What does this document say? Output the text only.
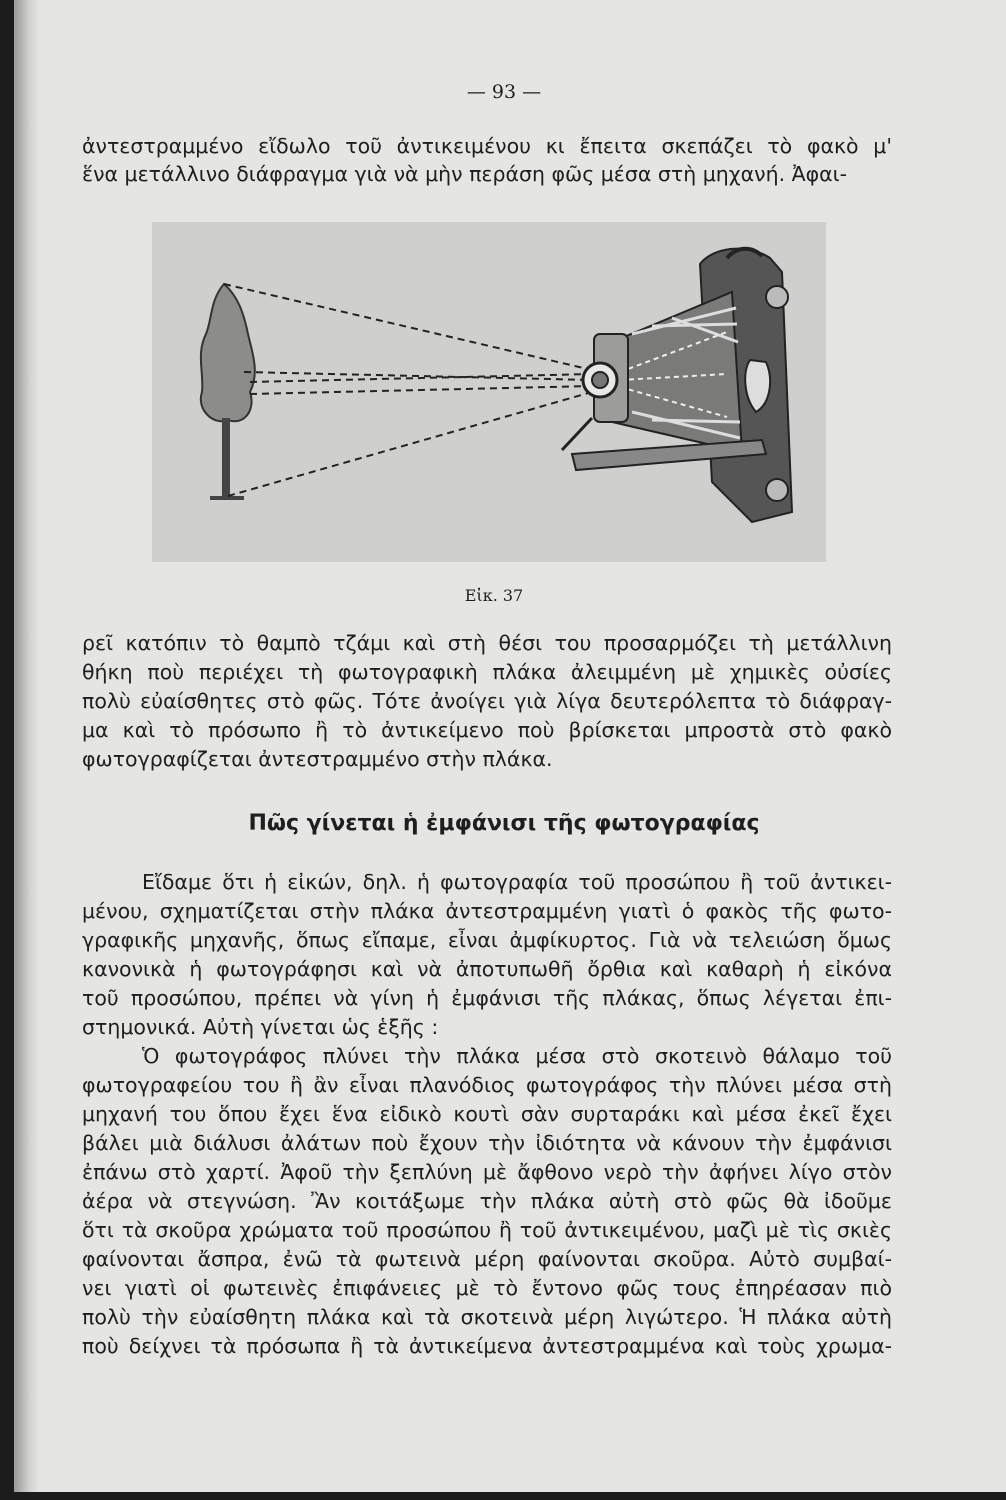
— 93 —
ἀντεστραμμένο εἴδωλο τοῦ ἀντικειμένου κι ἔπειτα σκεπάζει τὸ φακὸ μ'
ἕνα μετάλλινο διάφραγμα γιὰ νὰ μὴν περάση φῶς μέσα στὴ μηχανή. Ἀφαι-
Εἰκ. 37
ρεῖ κατόπιν τὸ θαμπὸ τζάμι καὶ στὴ θέσι του προσαρμόζει τὴ μετάλλινη
θήκη ποὺ περιέχει τὴ φωτογραφικὴ πλάκα ἀλειμμένη μὲ χημικὲς οὐσίες
πολὺ εὐαίσθητες στὸ φῶς. Τότε ἀνοίγει γιὰ λίγα δευτερόλεπτα τὸ διάφραγ-
μα καὶ τὸ πρόσωπο ἢ τὸ ἀντικείμενο ποὺ βρίσκεται μπροστὰ στὸ φακὸ
φωτογραφίζεται ἀντεστραμμένο στὴν πλάκα.
Πῶς γίνεται ἡ ἐμφάνισι τῆς φωτογραφίας
Εἴδαμε ὅτι ἡ εἰκών, δηλ. ἡ φωτογραφία τοῦ προσώπου ἢ τοῦ ἀντικει-
μένου, σχηματίζεται στὴν πλάκα ἀντεστραμμένη γιατὶ ὁ φακὸς τῆς φωτο-
γραφικῆς μηχανῆς, ὅπως εἴπαμε, εἶναι ἀμφίκυρτος. Γιὰ νὰ τελειώση ὅμως
κανονικὰ ἡ φωτογράφησι καὶ νὰ ἀποτυπωθῆ ὄρθια καὶ καθαρὴ ἡ εἰκόνα
τοῦ προσώπου, πρέπει νὰ γίνη ἡ ἐμφάνισι τῆς πλάκας, ὅπως λέγεται ἐπι-
στημονικά. Αὐτὴ γίνεται ὡς ἑξῆς :
Ὁ φωτογράφος πλύνει τὴν πλάκα μέσα στὸ σκοτεινὸ θάλαμο τοῦ
φωτογραφείου του ἢ ἂν εἶναι πλανόδιος φωτογράφος τὴν πλύνει μέσα στὴ
μηχανή του ὅπου ἔχει ἕνα εἰδικὸ κουτὶ σὰν συρταράκι καὶ μέσα ἐκεῖ ἔχει
βάλει μιὰ διάλυσι ἀλάτων ποὺ ἔχουν τὴν ἰδιότητα νὰ κάνουν τὴν ἐμφάνισι
ἐπάνω στὸ χαρτί. Ἀφοῦ τὴν ξεπλύνη μὲ ἄφθονο νερὸ τὴν ἀφήνει λίγο στὸν
ἀέρα νὰ στεγνώση. Ἂν κοιτάξωμε τὴν πλάκα αὐτὴ στὸ φῶς θὰ ἰδοῦμε
ὅτι τὰ σκοῦρα χρώματα τοῦ προσώπου ἢ τοῦ ἀντικειμένου, μαζὶ μὲ τὶς σκιὲς
φαίνονται ἄσπρα, ἐνῶ τὰ φωτεινὰ μέρη φαίνονται σκοῦρα. Αὐτὸ συμβαί-
νει γιατὶ οἱ φωτεινὲς ἐπιφάνειες μὲ τὸ ἔντονο φῶς τους ἐπηρέασαν πιὸ
πολὺ τὴν εὐαίσθητη πλάκα καὶ τὰ σκοτεινὰ μέρη λιγώτερο. Ἡ πλάκα αὐτὴ
ποὺ δείχνει τὰ πρόσωπα ἢ τὰ ἀντικείμενα ἀντεστραμμένα καὶ τοὺς χρωμα-
